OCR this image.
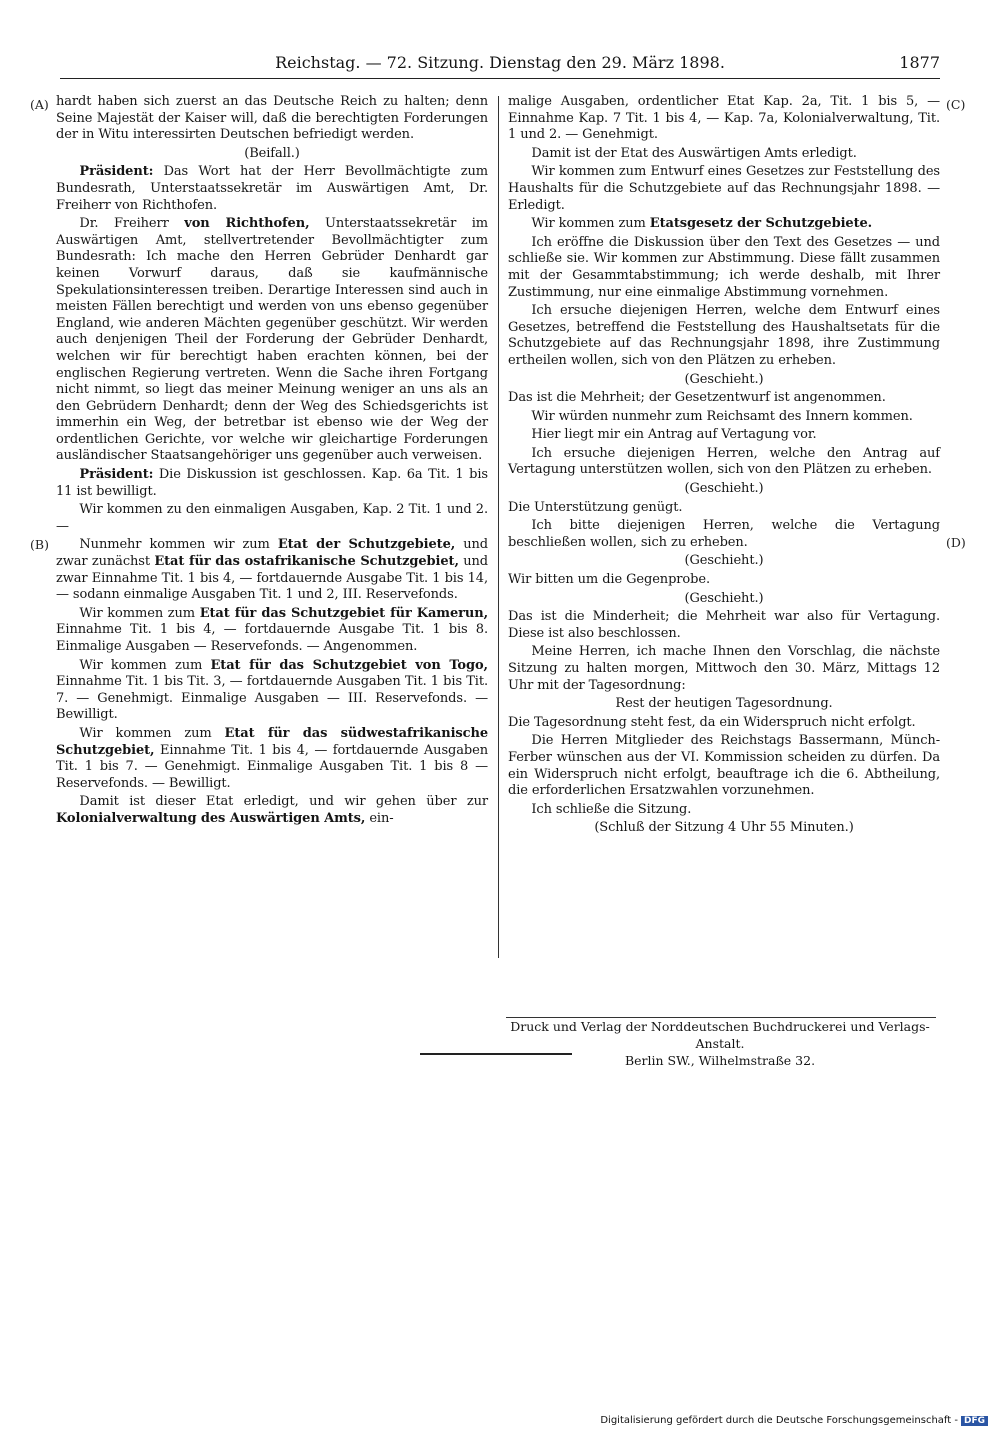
Reichstag. — 72. Sitzung. Dienstag den 29. März 1898.	1877
(A)
(B)
(C)
(D)

hardt haben sich zuerst an das Deutsche Reich zu halten; denn Seine Majestät der Kaiser will, daß die berechtigten Forderungen der in Witu interessirten Deutschen befriedigt werden.

(Beifall.)

Präsident: Das Wort hat der Herr Bevollmächtigte zum Bundesrath, Unterstaatssekretär im Auswärtigen Amt, Dr. Freiherr von Richthofen.

Dr. Freiherr von Richthofen, Unterstaatssekretär im Auswärtigen Amt, stellvertretender Bevollmächtigter zum Bundesrath: Ich mache den Herren Gebrüder Denhardt gar keinen Vorwurf daraus, daß sie kaufmännische Spekulationsinteressen treiben. Derartige Interessen sind auch in meisten Fällen berechtigt und werden von uns ebenso gegenüber England, wie anderen Mächten gegenüber geschützt. Wir werden auch denjenigen Theil der Forderung der Gebrüder Denhardt, welchen wir für berechtigt haben erachten können, bei der englischen Regierung vertreten. Wenn die Sache ihren Fortgang nicht nimmt, so liegt das meiner Meinung weniger an uns als an den Gebrüdern Denhardt; denn der Weg des Schiedsgerichts ist immerhin ein Weg, der betretbar ist ebenso wie der Weg der ordentlichen Gerichte, vor welche wir gleichartige Forderungen ausländischer Staatsangehöriger uns gegenüber auch verweisen.

Präsident: Die Diskussion ist geschlossen. Kap. 6a Tit. 1 bis 11 ist bewilligt.

Wir kommen zu den einmaligen Ausgaben, Kap. 2 Tit. 1 und 2. —

Nunmehr kommen wir zum Etat der Schutzgebiete, und zwar zunächst Etat für das ostafrikanische Schutzgebiet, und zwar Einnahme Tit. 1 bis 4, — fortdauernde Ausgabe Tit. 1 bis 14, — sodann einmalige Ausgaben Tit. 1 und 2, III. Reservefonds.

Wir kommen zum Etat für das Schutzgebiet für Kamerun, Einnahme Tit. 1 bis 4, — fortdauernde Ausgabe Tit. 1 bis 8. Einmalige Ausgaben — Reservefonds. — Angenommen.

Wir kommen zum Etat für das Schutzgebiet von Togo, Einnahme Tit. 1 bis Tit. 3, — fortdauernde Ausgaben Tit. 1 bis Tit. 7. — Genehmigt. Einmalige Ausgaben — III. Reservefonds. — Bewilligt.

Wir kommen zum Etat für das südwestafrikanische Schutzgebiet, Einnahme Tit. 1 bis 4, — fortdauernde Ausgaben Tit. 1 bis 7. — Genehmigt. Einmalige Ausgaben Tit. 1 bis 8 — Reservefonds. — Bewilligt.

Damit ist dieser Etat erledigt, und wir gehen über zur Kolonialverwaltung des Auswärtigen Amts, ein-

malige Ausgaben, ordentlicher Etat Kap. 2a, Tit. 1 bis 5, — Einnahme Kap. 7 Tit. 1 bis 4, — Kap. 7a, Kolonialverwaltung, Tit. 1 und 2. — Genehmigt.

Damit ist der Etat des Auswärtigen Amts erledigt.

Wir kommen zum Entwurf eines Gesetzes zur Feststellung des Haushalts für die Schutzgebiete auf das Rechnungsjahr 1898. — Erledigt.

Wir kommen zum Etatsgesetz der Schutzgebiete.

Ich eröffne die Diskussion über den Text des Gesetzes — und schließe sie. Wir kommen zur Abstimmung. Diese fällt zusammen mit der Gesammtabstimmung; ich werde deshalb, mit Ihrer Zustimmung, nur eine einmalige Abstimmung vornehmen.

Ich ersuche diejenigen Herren, welche dem Entwurf eines Gesetzes, betreffend die Feststellung des Haushaltsetats für die Schutzgebiete auf das Rechnungsjahr 1898, ihre Zustimmung ertheilen wollen, sich von den Plätzen zu erheben.

(Geschieht.)

Das ist die Mehrheit; der Gesetzentwurf ist angenommen.

Wir würden nunmehr zum Reichsamt des Innern kommen.

Hier liegt mir ein Antrag auf Vertagung vor.

Ich ersuche diejenigen Herren, welche den Antrag auf Vertagung unterstützen wollen, sich von den Plätzen zu erheben.

(Geschieht.)

Die Unterstützung genügt.

Ich bitte diejenigen Herren, welche die Vertagung beschließen wollen, sich zu erheben.

(Geschieht.)

Wir bitten um die Gegenprobe.

(Geschieht.)

Das ist die Minderheit; die Mehrheit war also für Vertagung. Diese ist also beschlossen.

Meine Herren, ich mache Ihnen den Vorschlag, die nächste Sitzung zu halten morgen, Mittwoch den 30. März, Mittags 12 Uhr mit der Tagesordnung:

Rest der heutigen Tagesordnung.

Die Tagesordnung steht fest, da ein Widerspruch nicht erfolgt.

Die Herren Mitglieder des Reichstags Bassermann, Münch-Ferber wünschen aus der VI. Kommission scheiden zu dürfen. Da ein Widerspruch nicht erfolgt, beauftrage ich die 6. Abtheilung, die erforderlichen Ersatzwahlen vorzunehmen.

Ich schließe die Sitzung.

(Schluß der Sitzung 4 Uhr 55 Minuten.)

Druck und Verlag der Norddeutschen Buchdruckerei und Verlags-Anstalt.
Berlin SW., Wilhelmstraße 32.
Digitalisierung gefördert durch die Deutsche Forschungsgemeinschaft - DFG
